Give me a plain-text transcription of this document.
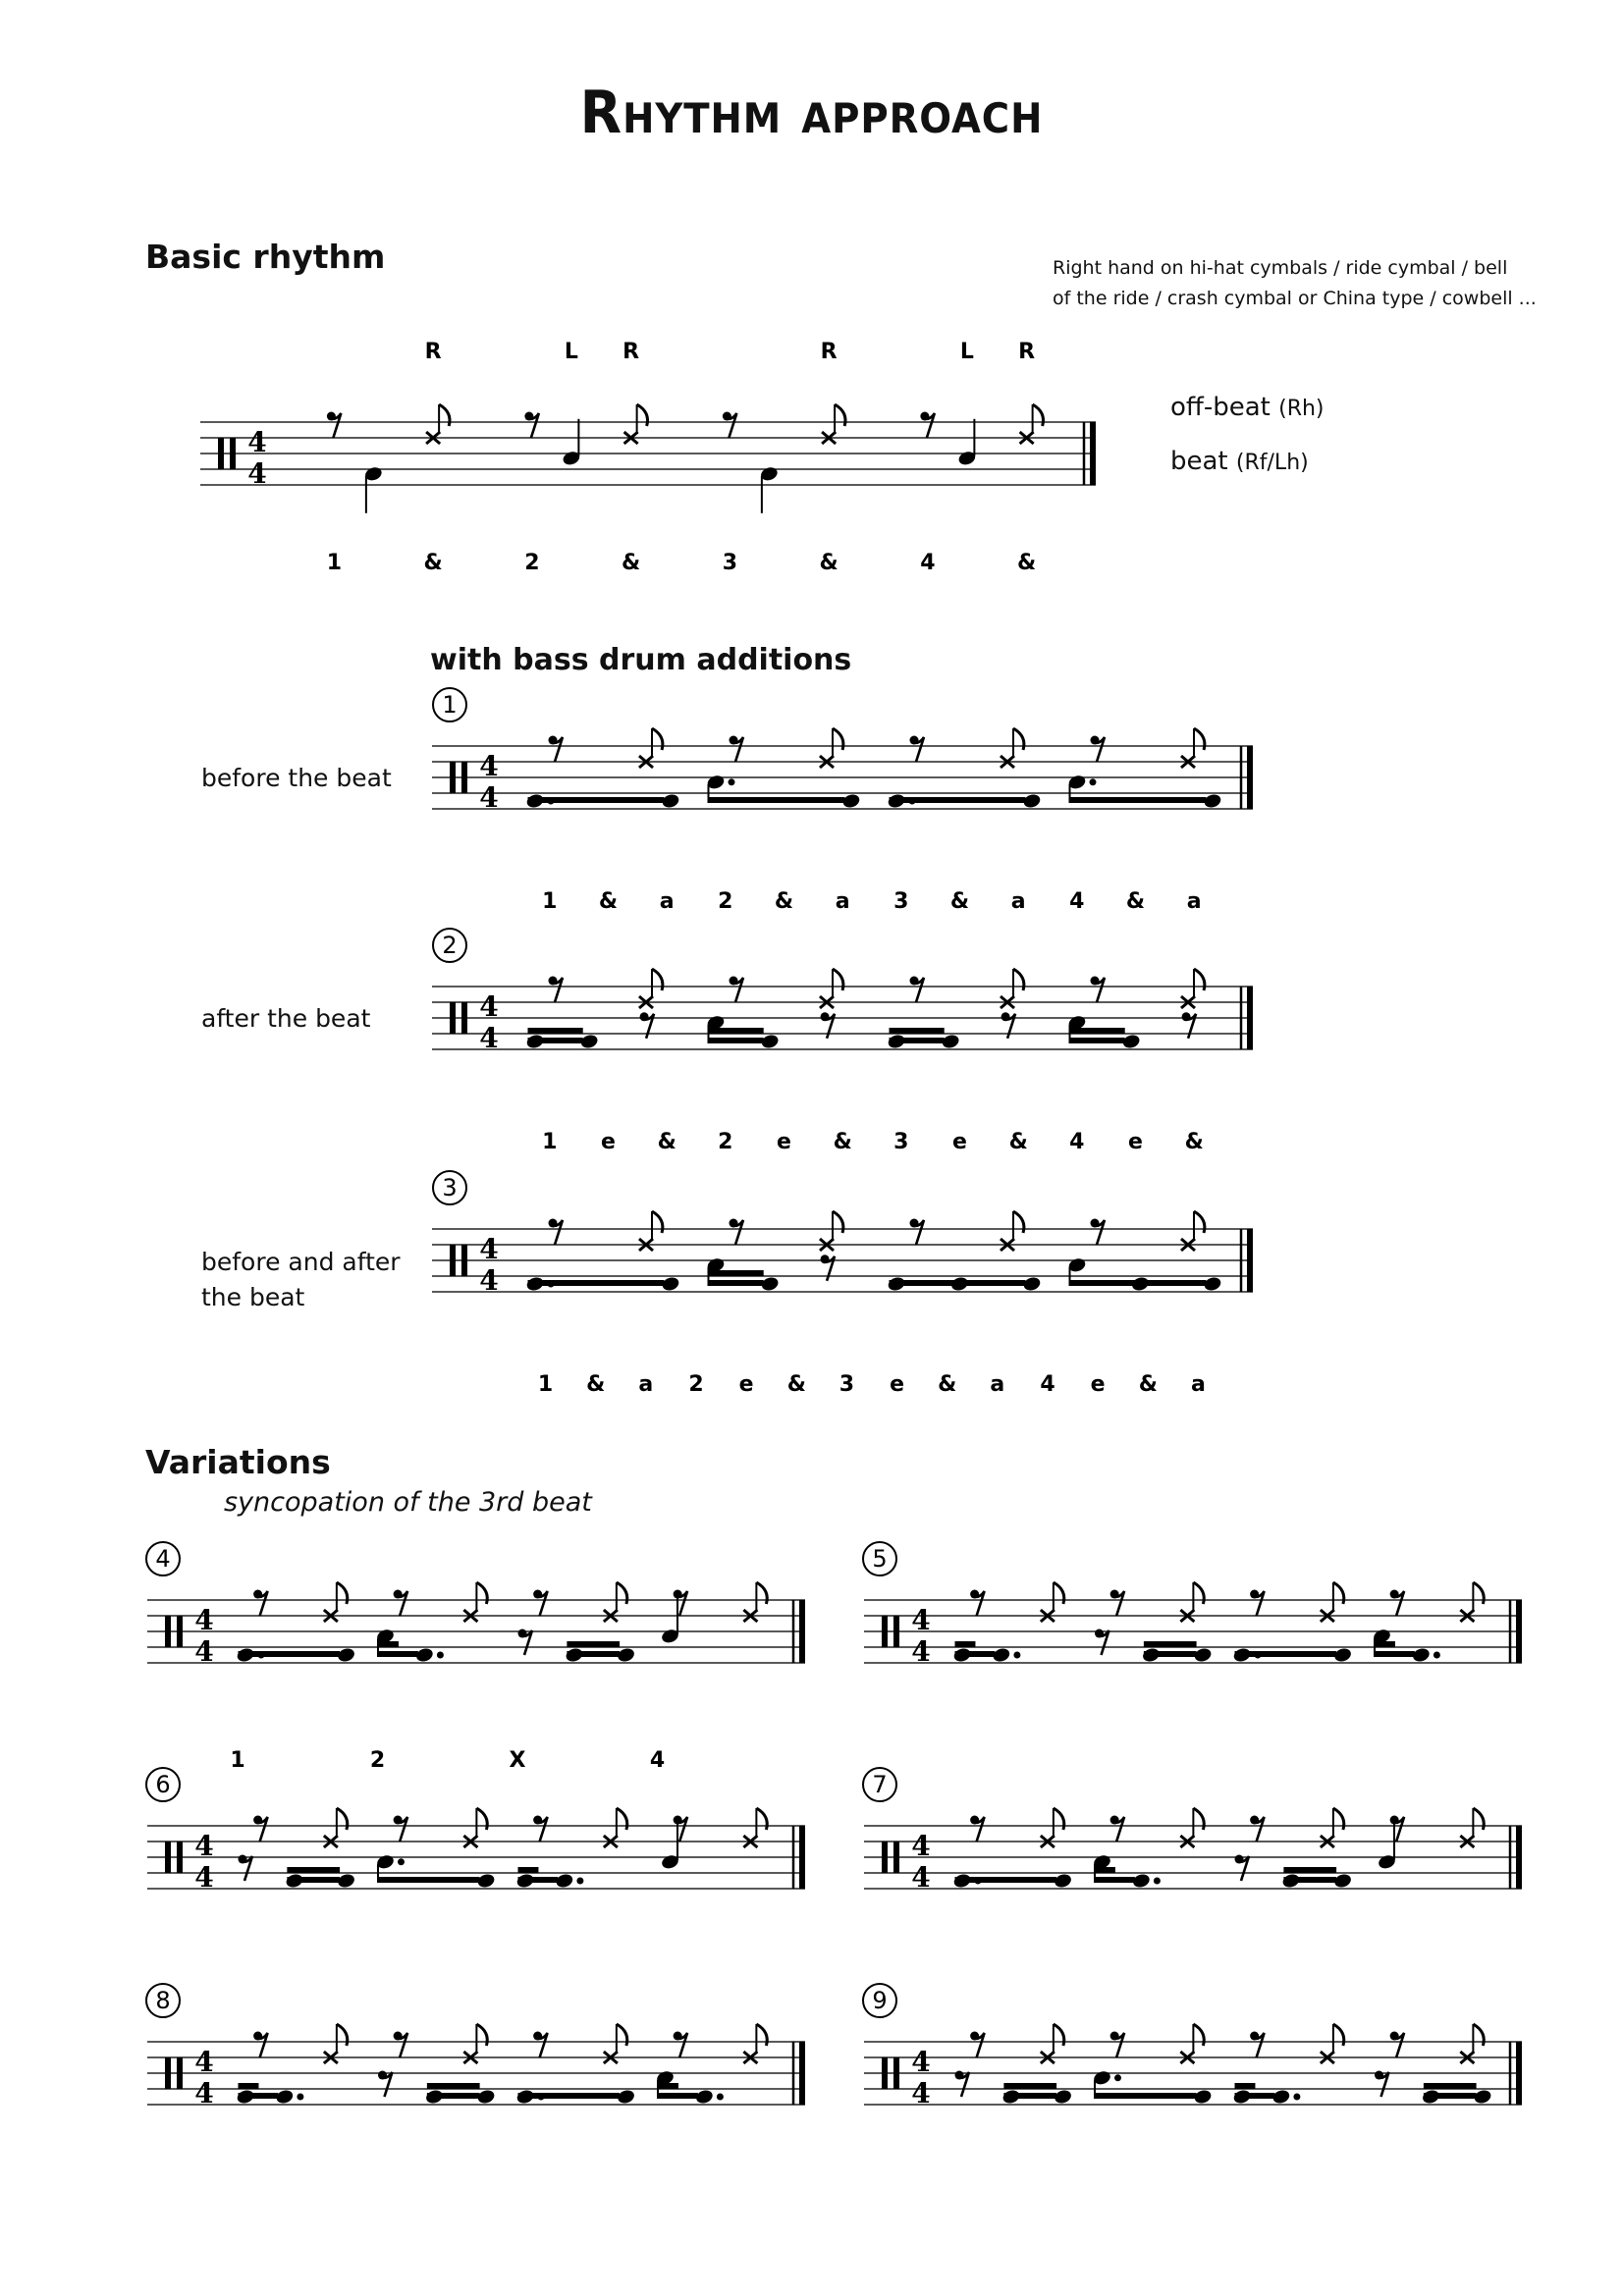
Rhythm approach
Basic rhythm	Right hand on hi-hat cymbals / ride cymbal / bell
of the ride / crash cymbal or China type / cowbell ...
off-beat (Rh)
beat (Rf/Lh)
with bass drum additions
before the beat
after the beat
before and after
the beat
Variations
syncopation of the 3rd beat
4
4
R	L R	R	L R
1	&	2	&	3	&	4	&
4
4
1
1 & a 2 & a 3 & a 4 & a
4
4
2
1 e & 2 e & 3 e & 4 e &
4
4
3
1 & a 2 e & 3 e & a 4 e & a
4
4
4
1	2	X	4
4
4
5
4
4
6
4
4
7
4
4
8
4
4
9
